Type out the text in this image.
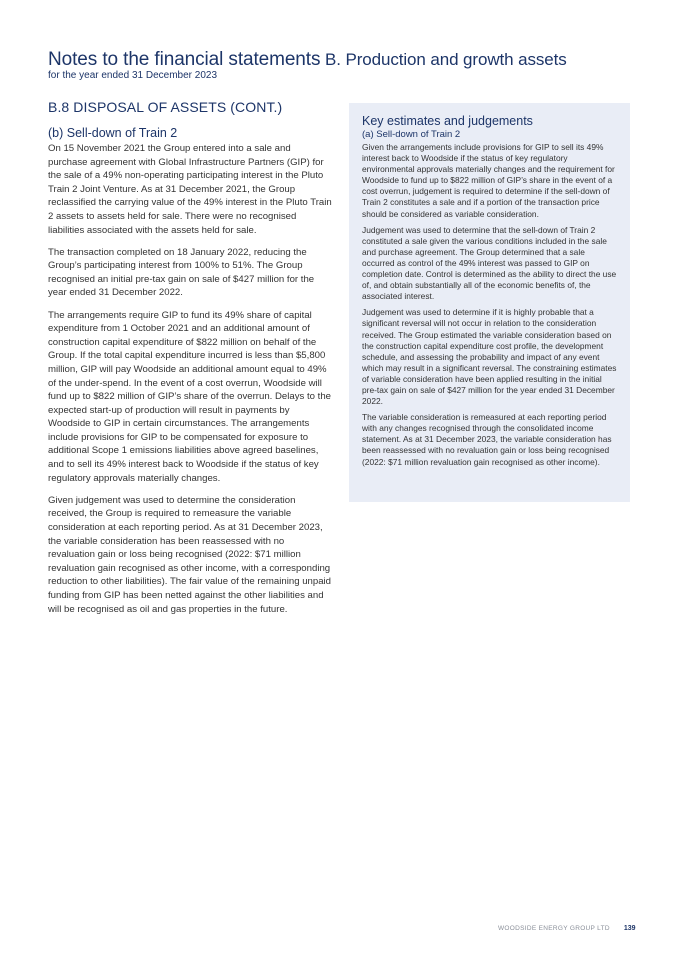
Notes to the financial statements B. Production and growth assets
for the year ended 31 December 2023
B.8 DISPOSAL OF ASSETS (CONT.)
(b) Sell-down of Train 2

On 15 November 2021 the Group entered into a sale and purchase agreement with Global Infrastructure Partners (GIP) for the sale of a 49% non-operating participating interest in the Pluto Train 2 Joint Venture. As at 31 December 2021, the Group reclassified the carrying value of the 49% interest in the Pluto Train 2 assets to assets held for sale. There were no recognised liabilities associated with the assets held for sale.

The transaction completed on 18 January 2022, reducing the Group’s participating interest from 100% to 51%. The Group recognised an initial pre-tax gain on sale of $427 million for the year ended 31 December 2022.

The arrangements require GIP to fund its 49% share of capital expenditure from 1 October 2021 and an additional amount of construction capital expenditure of $822 million on behalf of the Group. If the total capital expenditure incurred is less than $5,800 million, GIP will pay Woodside an additional amount equal to 49% of the under-spend. In the event of a cost overrun, Woodside will fund up to $822 million of GIP’s share of the overrun. Delays to the expected start-up of production will result in payments by Woodside to GIP in certain circumstances. The arrangements include provisions for GIP to be compensated for exposure to additional Scope 1 emissions liabilities above agreed baselines, and to sell its 49% interest back to Woodside if the status of key regulatory approvals materially changes.

Given judgement was used to determine the consideration received, the Group is required to remeasure the variable consideration at each reporting period. As at 31 December 2023, the variable consideration has been reassessed with no revaluation gain or loss being recognised (2022: $71 million revaluation gain recognised as other income, with a corresponding reduction to other liabilities). The fair value of the remaining unpaid funding from GIP has been netted against the other liabilities and will be recognised as oil and gas properties in the future.

Key estimates and judgements
(a) Sell-down of Train 2

Given the arrangements include provisions for GIP to sell its 49% interest back to Woodside if the status of key regulatory environmental approvals materially changes and the requirement for Woodside to fund up to $822 million of GIP’s share in the event of a cost overrun, judgement is required to determine if the sell-down of Train 2 constitutes a sale and if a portion of the transaction price should be considered as variable consideration.

Judgement was used to determine that the sell-down of Train 2 constituted a sale given the various conditions included in the sale and purchase agreement. The Group determined that a sale occurred as control of the 49% interest was passed to GIP on completion date. Control is determined as the ability to direct the use of, and obtain substantially all of the economic benefits of, the associated interest.

Judgement was used to determine if it is highly probable that a significant reversal will not occur in relation to the consideration received. The Group estimated the variable consideration based on the construction capital expenditure cost profile, the development schedule, and assessing the probability and impact of any event which may result in a significant reversal. The constraining estimates of variable consideration have been applied resulting in the initial pre-tax gain on sale of $427 million for the year ended 31 December 2022.

The variable consideration is remeasured at each reporting period with any changes recognised through the consolidated income statement. As at 31 December 2023, the variable consideration has been reassessed with no revaluation gain or loss being recognised (2022: $71 million revaluation gain recognised as other income).

WOODSIDE ENERGY GROUP LTD 139
